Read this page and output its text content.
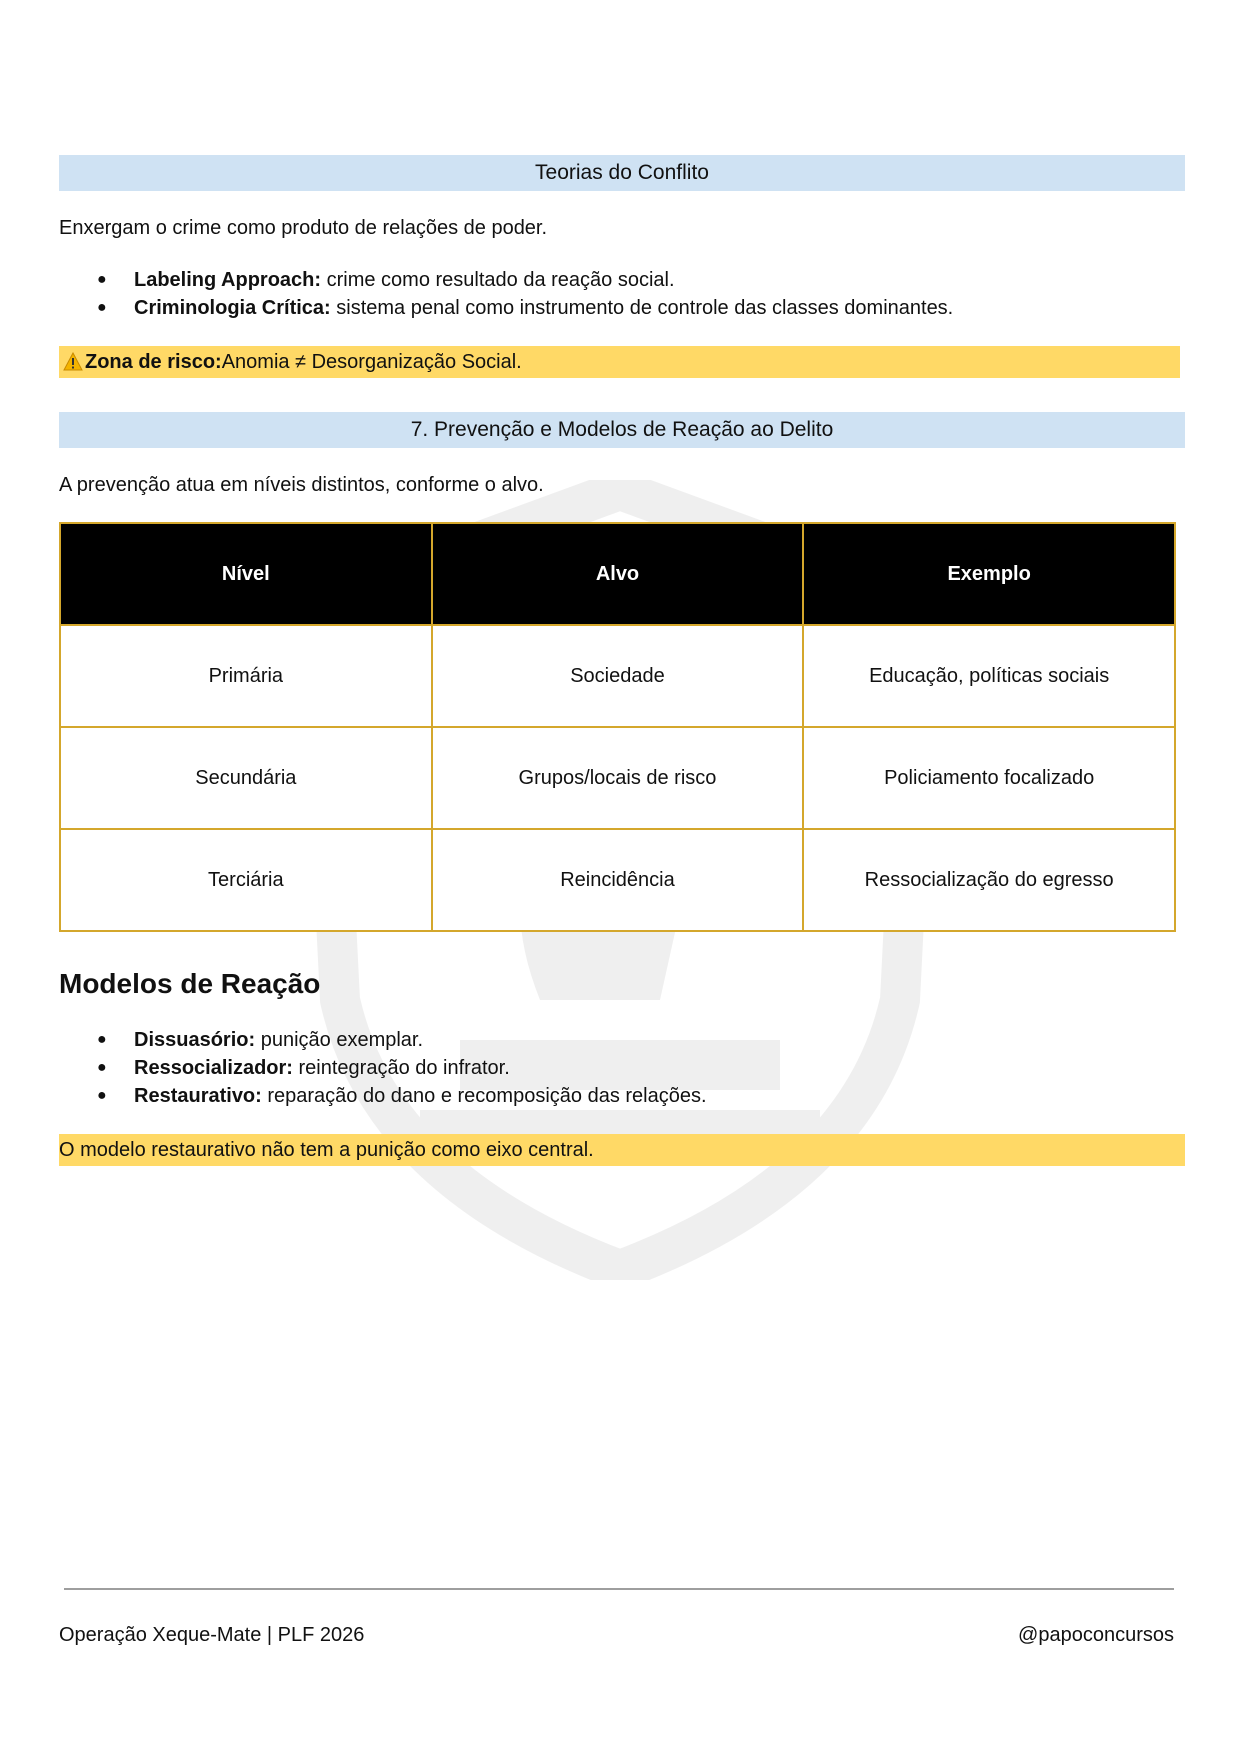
Teorias do Conflito

Enxergam o crime como produto de relações de poder.

● Labeling Approach: crime como resultado da reação social.
● Criminologia Crítica: sistema penal como instrumento de controle das classes dominantes.
Zona de risco: Anomia ≠ Desorganização Social.
7. Prevenção e Modelos de Reação ao Delito

A prevenção atua em níveis distintos, conforme o alvo.

Nível	Alvo	Exemplo
Primária	Sociedade	Educação, políticas sociais
Secundária	Grupos/locais de risco	Policiamento focalizado
Terciária	Reincidência	Ressocialização do egresso
Modelos de Reação
● Dissuasório: punição exemplar.
● Ressocializador: reintegração do infrator.
● Restaurativo: reparação do dano e recomposição das relações.
O modelo restaurativo não tem a punição como eixo central.
Operação Xeque-Mate | PLF 2026	@papoconcursos
